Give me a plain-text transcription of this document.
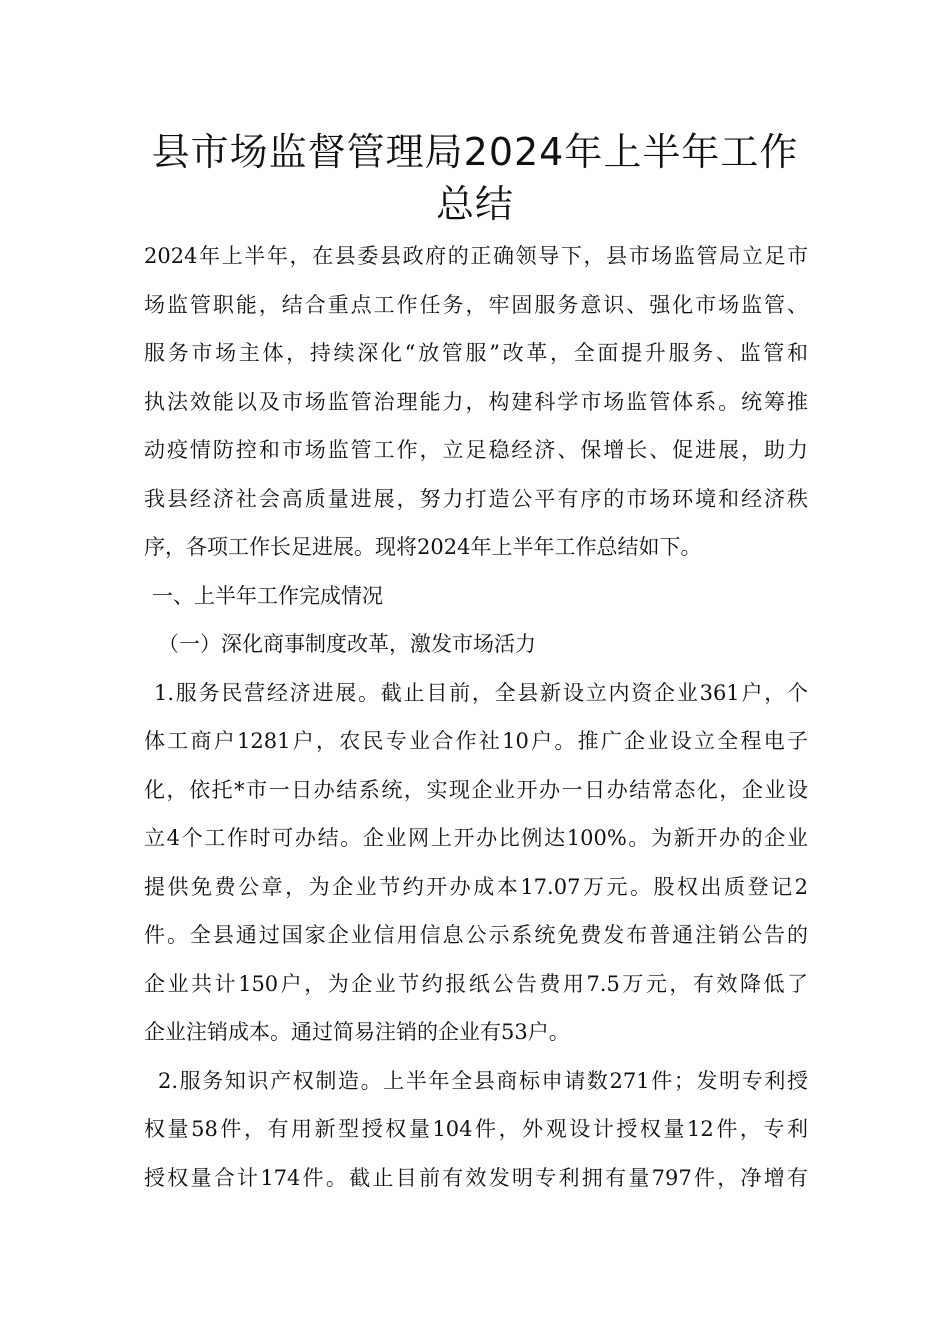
县市场监督管理局2024年上半年工作
总结
2024年上半年，在县委县政府的正确领导下，县市场监管局立足市
场监管职能，结合重点工作任务，牢固服务意识、强化市场监管、
服务市场主体，持续深化“放管服”改革，全面提升服务、监管和
执法效能以及市场监管治理能力，构建科学市场监管体系。统筹推
动疫情防控和市场监管工作，立足稳经济、保增长、促进展，助力
我县经济社会高质量进展，努力打造公平有序的市场环境和经济秩
序，各项工作长足进展。现将2024年上半年工作总结如下。
一、上半年工作完成情况
（一）深化商事制度改革，激发市场活力
1.服务民营经济进展。截止目前，全县新设立内资企业361户，个
体工商户1281户，农民专业合作社10户。推广企业设立全程电子
化，依托*市一日办结系统，实现企业开办一日办结常态化，企业设
立4个工作时可办结。企业网上开办比例达100%。为新开办的企业
提供免费公章，为企业节约开办成本17.07万元。股权出质登记2
件。全县通过国家企业信用信息公示系统免费发布普通注销公告的
企业共计150户，为企业节约报纸公告费用7.5万元，有效降低了
企业注销成本。通过简易注销的企业有53户。
2.服务知识产权制造。上半年全县商标申请数271件；发明专利授
权量58件，有用新型授权量104件，外观设计授权量12件，专利
授权量合计174件。截止目前有效发明专利拥有量797件，净增有
